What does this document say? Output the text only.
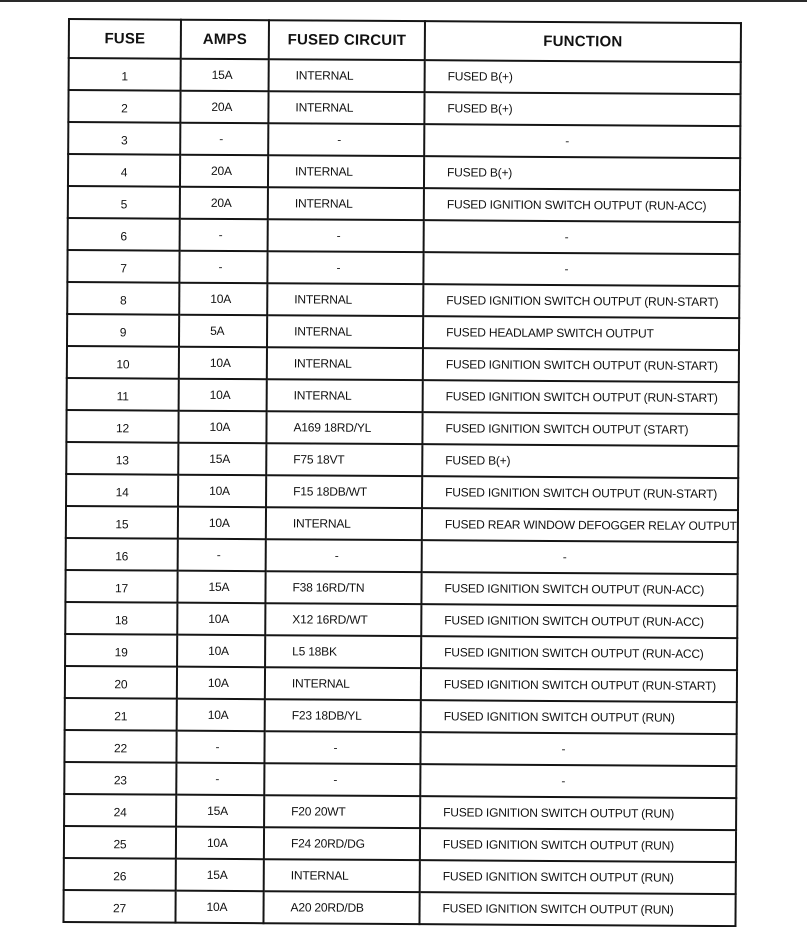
FUSE	AMPS	FUSED CIRCUIT	FUNCTION
1	15A	INTERNAL	FUSED B(+)
2	20A	INTERNAL	FUSED B(+)
3	-	-	-
4	20A	INTERNAL	FUSED B(+)
5	20A	INTERNAL	FUSED IGNITION SWITCH OUTPUT (RUN-ACC)
6	-	-	-
7	-	-	-
8	10A	INTERNAL	FUSED IGNITION SWITCH OUTPUT (RUN-START)
9	5A	INTERNAL	FUSED HEADLAMP SWITCH OUTPUT
10	10A	INTERNAL	FUSED IGNITION SWITCH OUTPUT (RUN-START)
11	10A	INTERNAL	FUSED IGNITION SWITCH OUTPUT (RUN-START)
12	10A	A169 18RD/YL	FUSED IGNITION SWITCH OUTPUT (START)
13	15A	F75 18VT	FUSED B(+)
14	10A	F15 18DB/WT	FUSED IGNITION SWITCH OUTPUT (RUN-START)
15	10A	INTERNAL	FUSED REAR WINDOW DEFOGGER RELAY OUTPUT
16	-	-	-
17	15A	F38 16RD/TN	FUSED IGNITION SWITCH OUTPUT (RUN-ACC)
18	10A	X12 16RD/WT	FUSED IGNITION SWITCH OUTPUT (RUN-ACC)
19	10A	L5 18BK	FUSED IGNITION SWITCH OUTPUT (RUN-ACC)
20	10A	INTERNAL	FUSED IGNITION SWITCH OUTPUT (RUN-START)
21	10A	F23 18DB/YL	FUSED IGNITION SWITCH OUTPUT (RUN)
22	-	-	-
23	-	-	-
24	15A	F20 20WT	FUSED IGNITION SWITCH OUTPUT (RUN)
25	10A	F24 20RD/DG	FUSED IGNITION SWITCH OUTPUT (RUN)
26	15A	INTERNAL	FUSED IGNITION SWITCH OUTPUT (RUN)
27	10A	A20 20RD/DB	FUSED IGNITION SWITCH OUTPUT (RUN)
